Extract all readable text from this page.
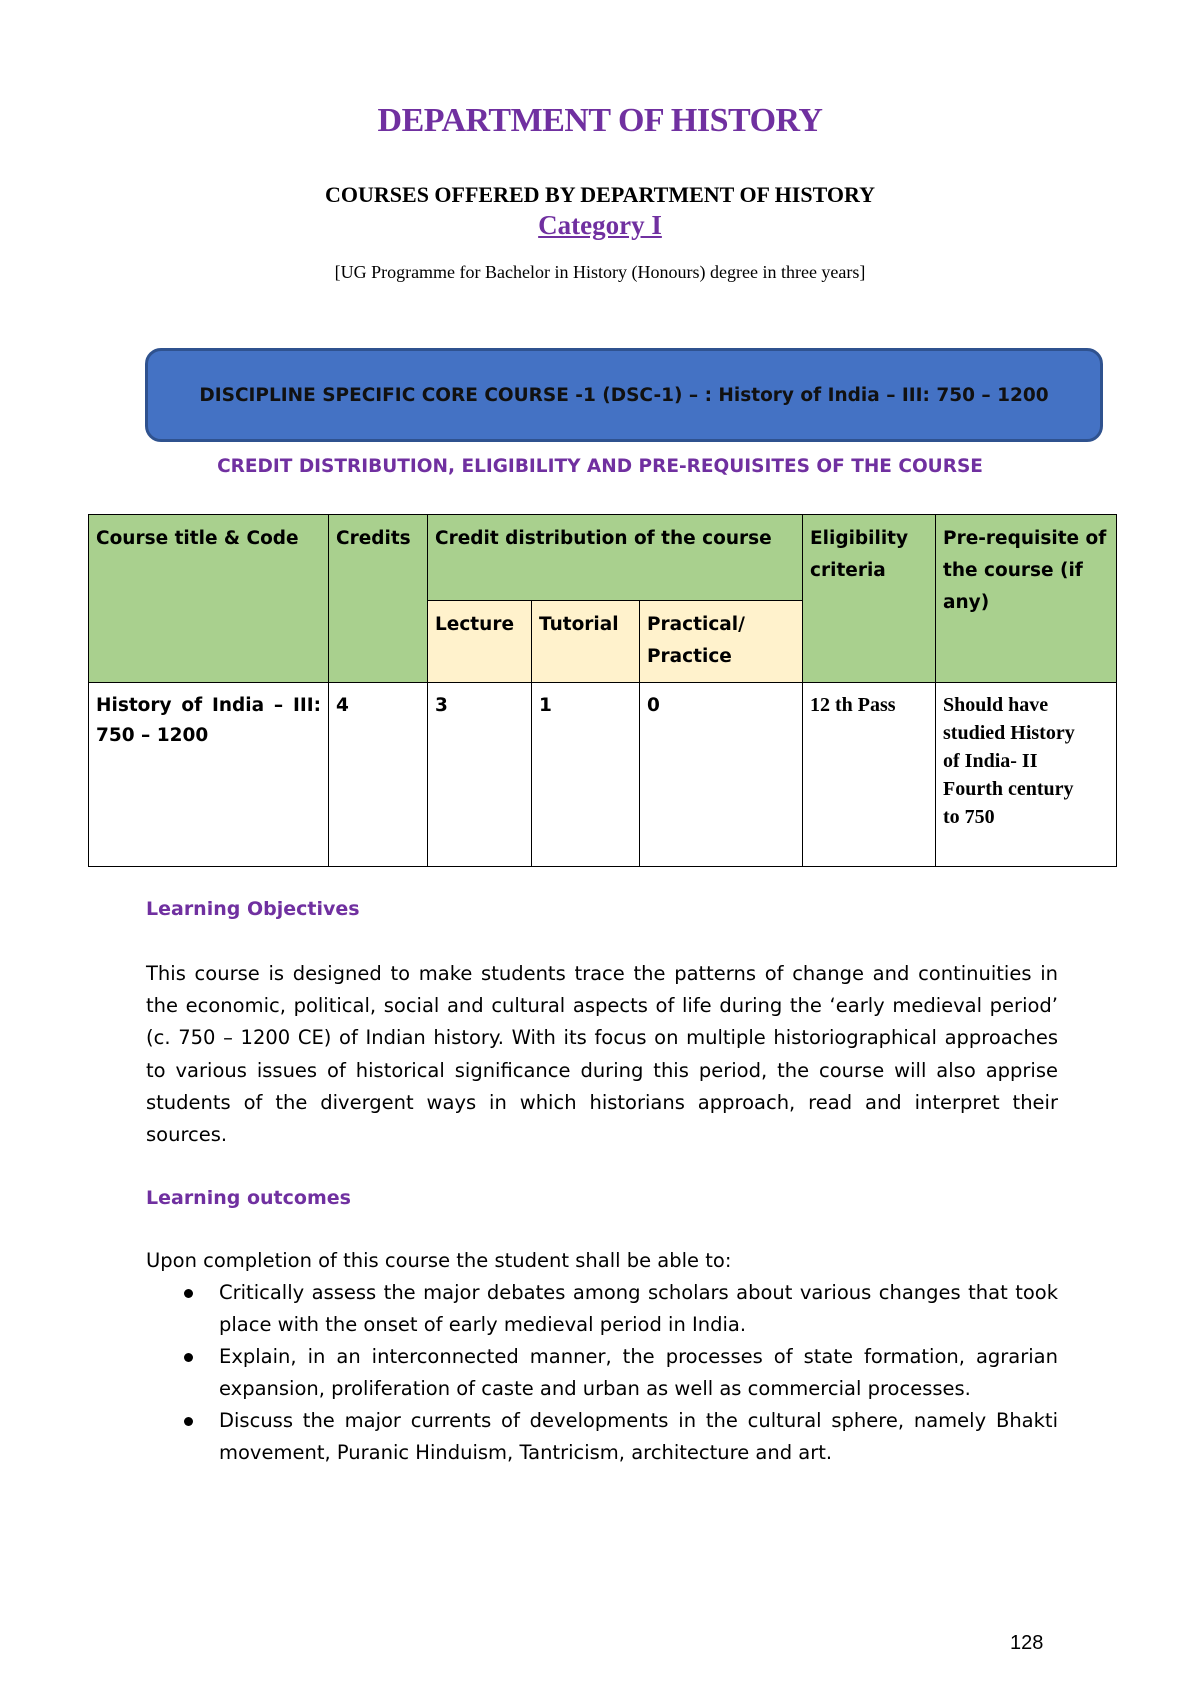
DEPARTMENT OF HISTORY
COURSES OFFERED BY DEPARTMENT OF HISTORY
Category I
[UG Programme for Bachelor in History (Honours) degree in three years]
DISCIPLINE SPECIFIC CORE COURSE -1 (DSC-1) – : History of India – III: 750 – 1200
CREDIT DISTRIBUTION, ELIGIBILITY AND PRE-REQUISITES OF THE COURSE
Course title & Code	Credits	Credit distribution of the course			Eligibility criteria	Pre-requisite of the course (if any)
		Lecture	Tutorial	Practical/ Practice		
History of India – III: 750 – 1200	4	3	1	0	12 th Pass	Should have studied History of India- II Fourth century to 750
Learning Objectives

This course is designed to make students trace the patterns of change and continuities in the economic, political, social and cultural aspects of life during the ‘early medieval period’ (c. 750 – 1200 CE) of Indian history. With its focus on multiple historiographical approaches to various issues of historical significance during this period, the course will also apprise students of the divergent ways in which historians approach, read and interpret their sources.

Learning outcomes
Upon completion of this course the student shall be able to:
Critically assess the major debates among scholars about various changes that took place with the onset of early medieval period in India.
Explain, in an interconnected manner, the processes of state formation, agrarian expansion, proliferation of caste and urban as well as commercial processes.
Discuss the major currents of developments in the cultural sphere, namely Bhakti movement, Puranic Hinduism, Tantricism, architecture and art.
128
